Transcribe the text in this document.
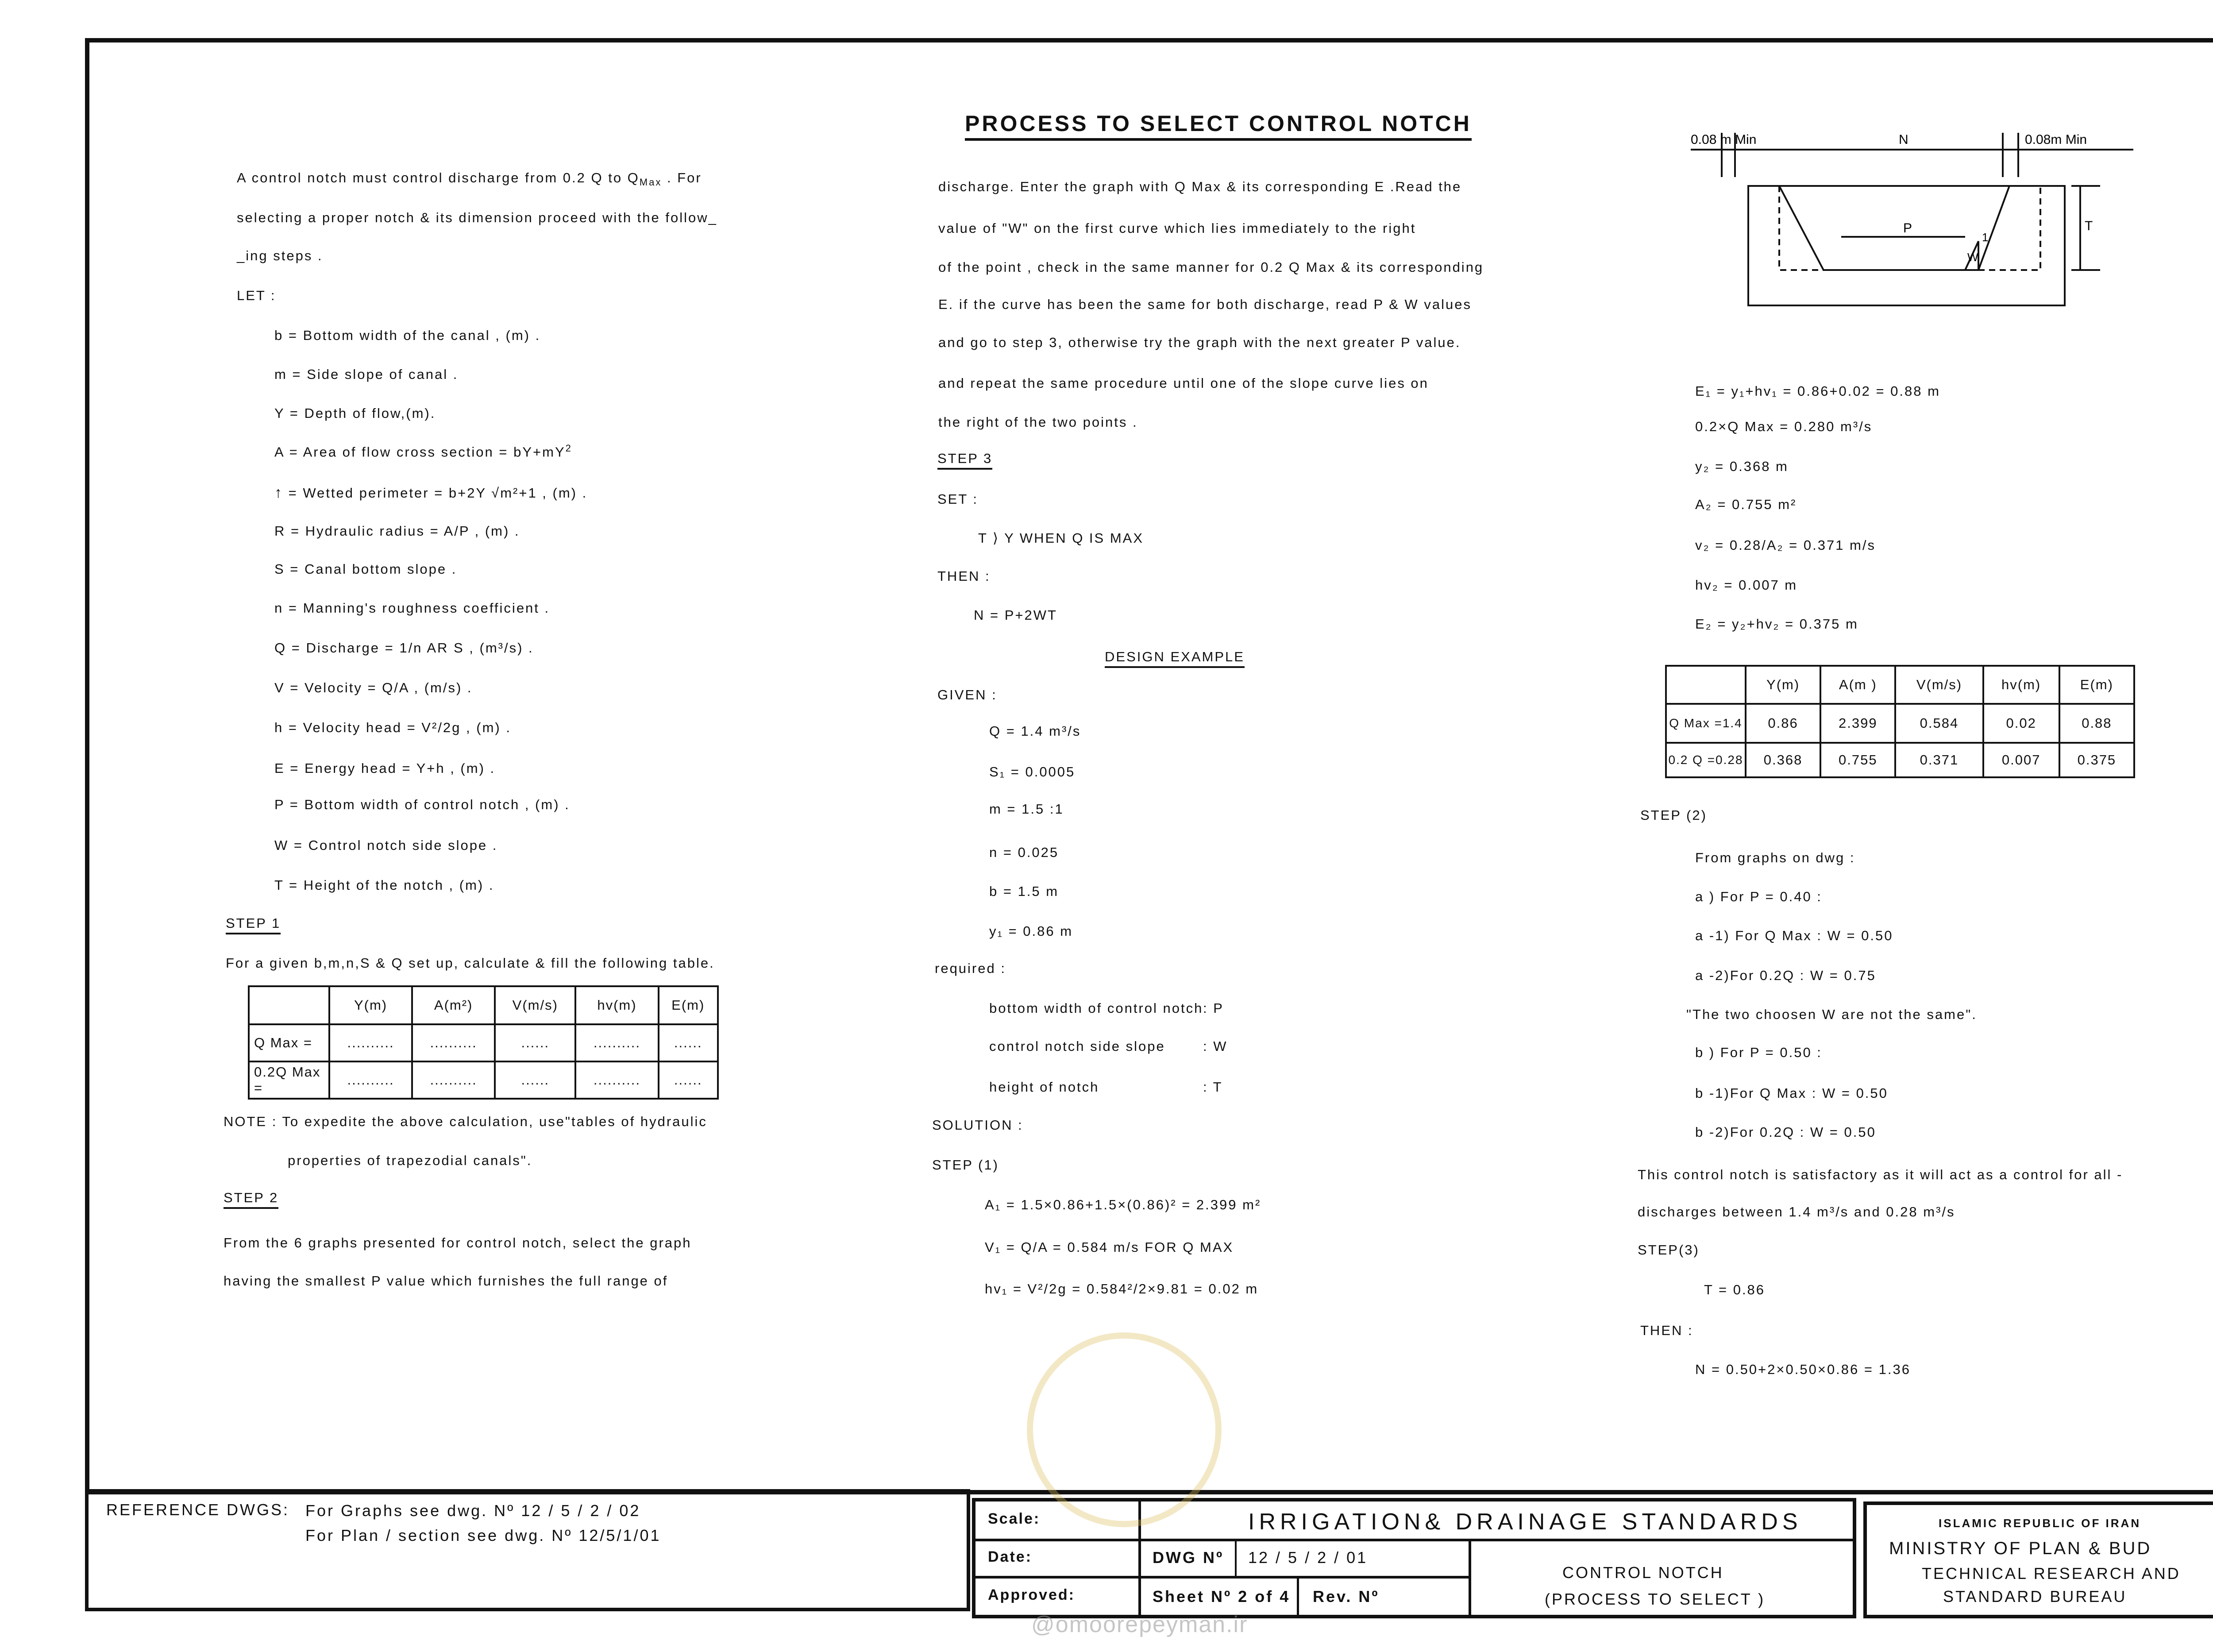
PROCESS TO SELECT CONTROL NOTCH
A control notch must control discharge from 0.2 Q to $Q_{Max}$ . For
selecting a proper notch & its dimension proceed with the follow_
_ing steps .
LET :
b = Bottom width of the canal , (m) .
m = Side slope of canal .
Y = Depth of flow,(m).
A = Area of flow cross section = $bY+mY^2$
↑ = Wetted perimeter = b+2Y √m²+1 , (m) .
R = Hydraulic radius = A/P , (m) .
S = Canal bottom slope .
n = Manning's roughness coefficient .
Q = Discharge = 1/n AR S , (m³/s) .
V = Velocity = Q/A , (m/s) .
h = Velocity head = V²/2g , (m) .
E = Energy head = Y+h , (m) .
P = Bottom width of control notch , (m) .
W = Control notch side slope .
T = Height of the notch , (m) .
STEP 1
For a given b,m,n,S & Q set up, calculate & fill the following table.
	Y(m)	A(m²)	V(m/s)	hv(m)	E(m)
Q Max =	..........	..........	......	..........	......
0.2Q Max =	..........	..........	......	..........	......
NOTE : To expedite the above calculation, use"tables of hydraulic
properties of trapezodial canals".
STEP 2
From the 6 graphs presented for control notch, select the graph
having the smallest P value which furnishes the full range of
discharge. Enter the graph with Q Max & its corresponding E .Read the
value of "W" on the first curve which lies immediately to the right
of the point , check in the same manner for 0.2 Q Max & its corresponding
E. if the curve has been the same for both discharge, read P & W values
and go to step 3, otherwise try the graph with the next greater P value.
and repeat the same procedure until one of the slope curve lies on
the right of the two points .
STEP 3
SET :
T ⟩ Y WHEN Q IS MAX
THEN :
N = P+2WT
DESIGN EXAMPLE
GIVEN :
Q = 1.4 m³/s
S₁ = 0.0005
m = 1.5 :1
n = 0.025
b = 1.5 m
y₁ = 0.86 m
required :
bottom width of control notch : P
control notch side slope	: W
height of notch	: T
SOLUTION :
STEP (1)
A₁ = 1.5×0.86+1.5×(0.86)² = 2.399 m²
V₁ = Q/A = 0.584 m/s FOR Q MAX
hv₁ = V²/2g = 0.584²/2×9.81 = 0.02 m
0.08 m Min	N	0.08m Min
P
W
1
T
E₁ = y₁+hv₁ = 0.86+0.02 = 0.88 m
0.2×Q Max = 0.280 m³/s
y₂ = 0.368 m
A₂ = 0.755 m²
v₂ = 0.28/A₂ = 0.371 m/s
hv₂ = 0.007 m
E₂ = y₂+hv₂ = 0.375 m
	Y(m)	A(m )	V(m/s)	hv(m)	E(m)
Q Max =1.4	0.86	2.399	0.584	0.02	0.88
0.2 Q =0.28	0.368	0.755	0.371	0.007	0.375
STEP (2)
From graphs on dwg :
a ) For P = 0.40 :
a -1) For Q Max : W = 0.50
a -2)For 0.2Q : W = 0.75
"The two choosen W are not the same".
b ) For P = 0.50 :
b -1)For Q Max : W = 0.50
b -2)For 0.2Q : W = 0.50
This control notch is satisfactory as it will act as a control for all -
discharges between 1.4 m³/s and 0.28 m³/s
STEP(3)
T = 0.86
THEN :
N = 0.50+2×0.50×0.86 = 1.36
REFERENCE DWGS: For Graphs see dwg. Nº 12 / 5 / 2 / 02
For Plan / section see dwg. Nº 12/5/1/01
Scale:
Date:
Approved:
IRRIGATION& DRAINAGE STANDARDS
DWG Nº 12 / 5 / 2 / 01
Sheet Nº 2 of 4 Rev. Nº
CONTROL NOTCH
(PROCESS TO SELECT )
ISLAMIC REPUBLIC OF IRAN
MINISTRY OF PLAN & BUD
TECHNICAL RESEARCH AND
STANDARD BUREAU
@omoorepeyman.ir
